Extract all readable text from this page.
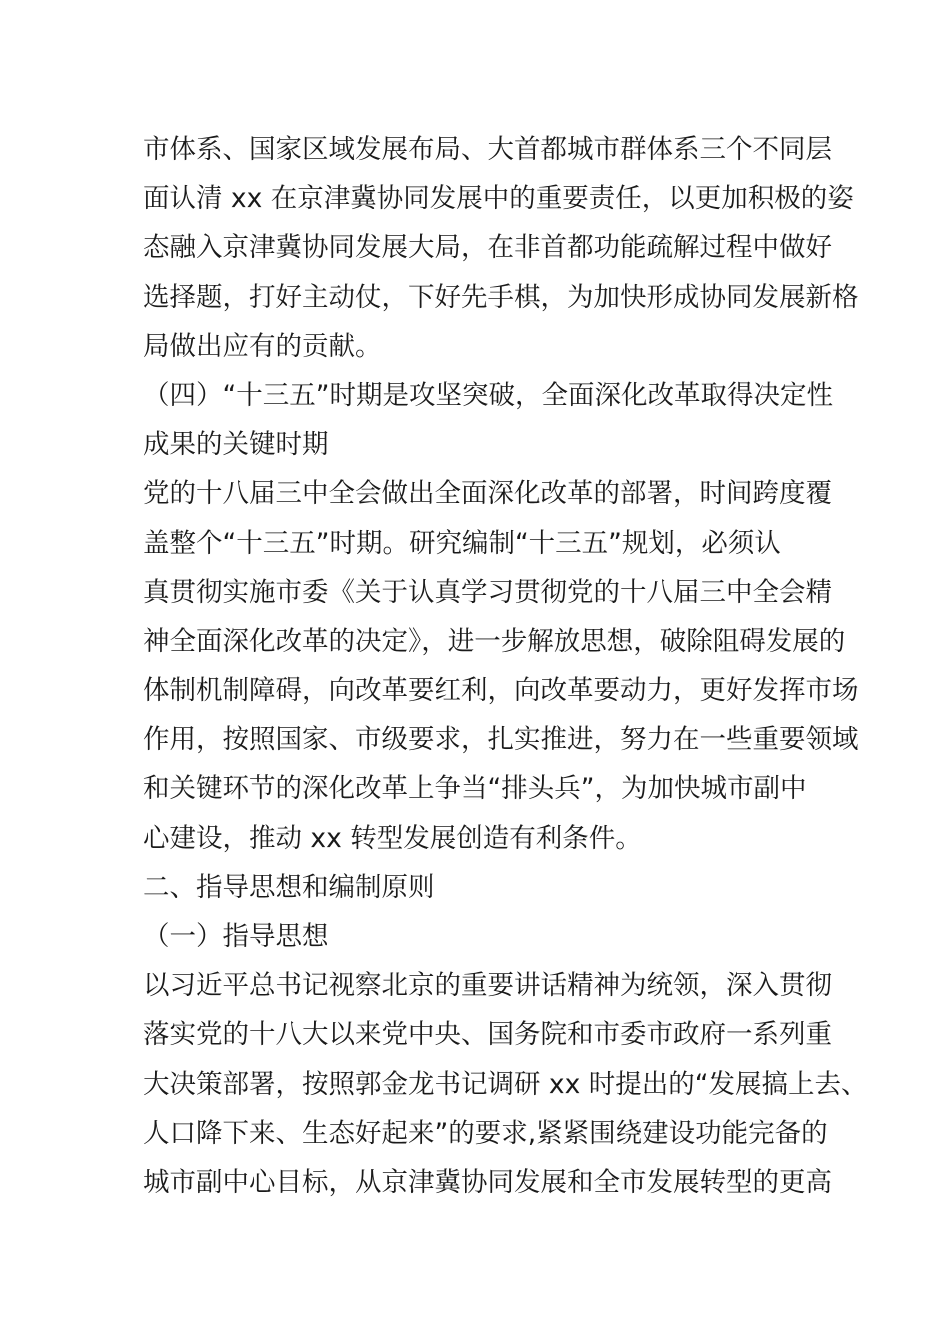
市体系、国家区域发展布局、大首都城市群体系三个不同层
面认清 xx 在京津冀协同发展中的重要责任，以更加积极的姿
态融入京津冀协同发展大局，在非首都功能疏解过程中做好
选择题，打好主动仗，下好先手棋，为加快形成协同发展新格
局做出应有的贡献。
（四）“十三五”时期是攻坚突破，全面深化改革取得决定性
成果的关键时期
党的十八届三中全会做出全面深化改革的部署，时间跨度覆
盖整个“十三五”时期。研究编制“十三五”规划，必须认
真贯彻实施市委《关于认真学习贯彻党的十八届三中全会精
神全面深化改革的决定》，进一步解放思想，破除阻碍发展的
体制机制障碍，向改革要红利，向改革要动力，更好发挥市场
作用，按照国家、市级要求，扎实推进，努力在一些重要领域
和关键环节的深化改革上争当“排头兵”，为加快城市副中
心建设，推动 xx 转型发展创造有利条件。
二、指导思想和编制原则
（一）指导思想
以习近平总书记视察北京的重要讲话精神为统领，深入贯彻
落实党的十八大以来党中央、国务院和市委市政府一系列重
大决策部署，按照郭金龙书记调研 xx 时提出的“发展搞上去、
人口降下来、生态好起来”的要求,紧紧围绕建设功能完备的
城市副中心目标，从京津冀协同发展和全市发展转型的更高
